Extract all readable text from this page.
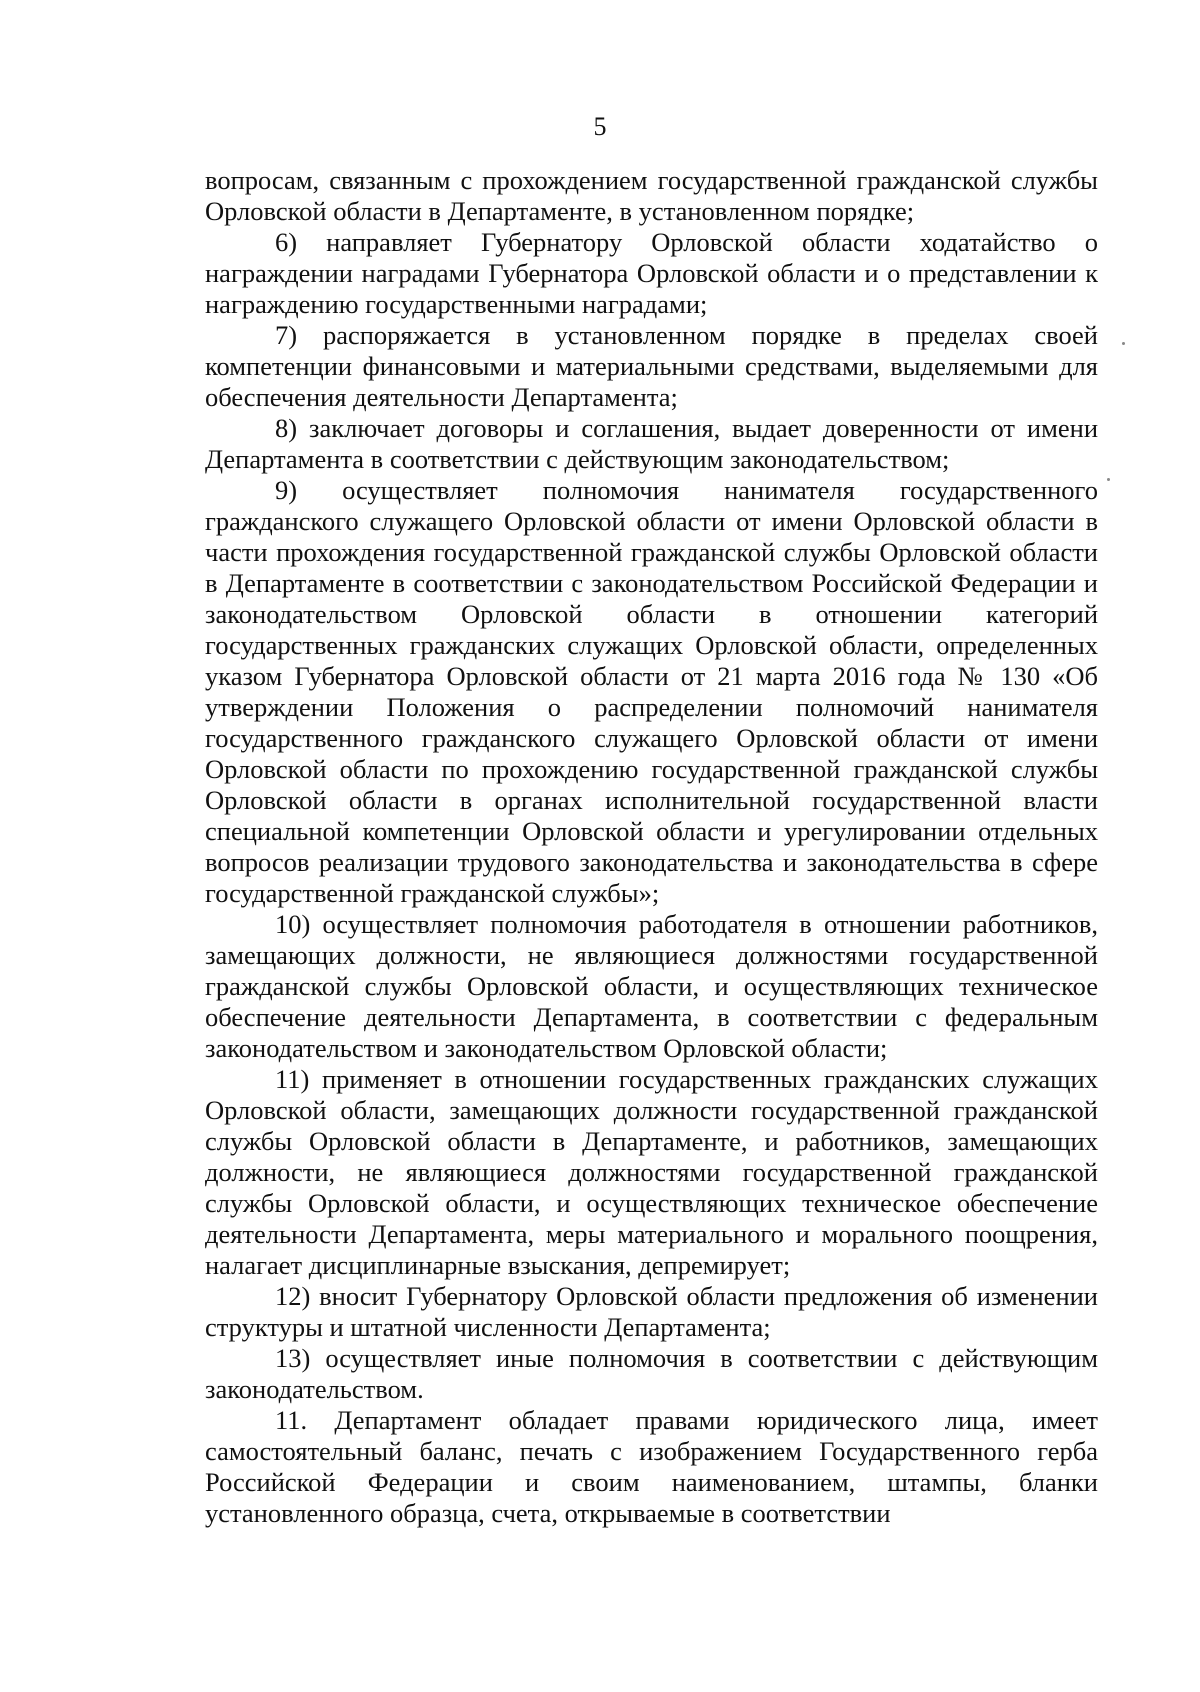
5

вопросам, связанным с прохождением государственной гражданской службы Орловской области в Департаменте, в установленном порядке;

6) направляет Губернатору Орловской области ходатайство о награждении наградами Губернатора Орловской области и о представлении к награждению государственными наградами;

7) распоряжается в установленном порядке в пределах своей компетенции финансовыми и материальными средствами, выделяемыми для обеспечения деятельности Департамента;

8) заключает договоры и соглашения, выдает доверенности от имени Департамента в соответствии с действующим законодательством;

9) осуществляет полномочия нанимателя государственного гражданского служащего Орловской области от имени Орловской области в части прохождения государственной гражданской службы Орловской области в Департаменте в соответствии с законодательством Российской Федерации и законодательством Орловской области в отношении категорий государственных гражданских служащих Орловской области, определенных указом Губернатора Орловской области от 21 марта 2016 года № 130 «Об утверждении Положения о распределении полномочий нанимателя государственного гражданского служащего Орловской области от имени Орловской области по прохождению государственной гражданской службы Орловской области в органах исполнительной государственной власти специальной компетенции Орловской области и урегулировании отдельных вопросов реализации трудового законодательства и законодательства в сфере государственной гражданской службы»;

10) осуществляет полномочия работодателя в отношении работников, замещающих должности, не являющиеся должностями государственной гражданской службы Орловской области, и осуществляющих техническое обеспечение деятельности Департамента, в соответствии с федеральным законодательством и законодательством Орловской области;

11) применяет в отношении государственных гражданских служащих Орловской области, замещающих должности государственной гражданской службы Орловской области в Департаменте, и работников, замещающих должности, не являющиеся должностями государственной гражданской службы Орловской области, и осуществляющих техническое обеспечение деятельности Департамента, меры материального и морального поощрения, налагает дисциплинарные взыскания, депремирует;

12) вносит Губернатору Орловской области предложения об изменении структуры и штатной численности Департамента;

13) осуществляет иные полномочия в соответствии с действующим законодательством.

11. Департамент обладает правами юридического лица, имеет самостоятельный баланс, печать с изображением Государственного герба Российской Федерации и своим наименованием, штампы, бланки установленного образца, счета, открываемые в соответствии
